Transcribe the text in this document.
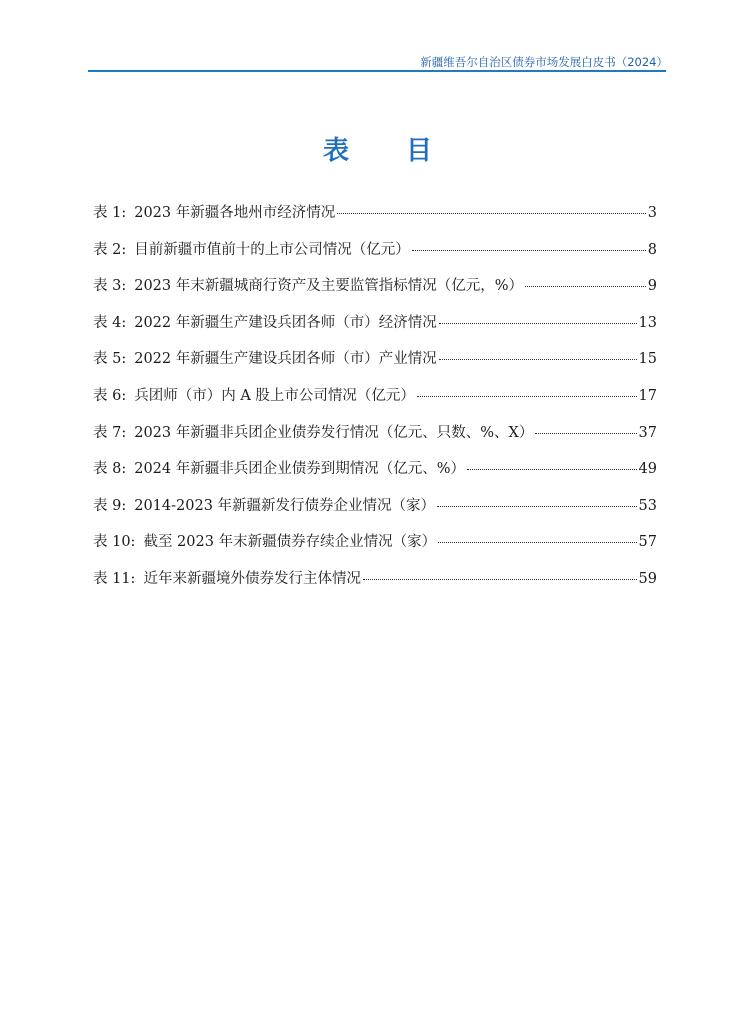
新疆维吾尔自治区债券市场发展白皮书（2024）
表 目
表 1: 2023 年新疆各地州市经济情况	3
表 2: 目前新疆市值前十的上市公司情况（亿元）	8
表 3: 2023 年末新疆城商行资产及主要监管指标情况（亿元，%）	9
表 4: 2022 年新疆生产建设兵团各师（市）经济情况	13
表 5: 2022 年新疆生产建设兵团各师（市）产业情况	15
表 6: 兵团师（市）内 A 股上市公司情况（亿元）	17
表 7: 2023 年新疆非兵团企业债券发行情况（亿元、只数、%、X）	37
表 8: 2024 年新疆非兵团企业债券到期情况（亿元、%）	49
表 9: 2014-2023 年新疆新发行债券企业情况（家）	53
表 10: 截至 2023 年末新疆债券存续企业情况（家）	57
表 11: 近年来新疆境外债券发行主体情况	59
